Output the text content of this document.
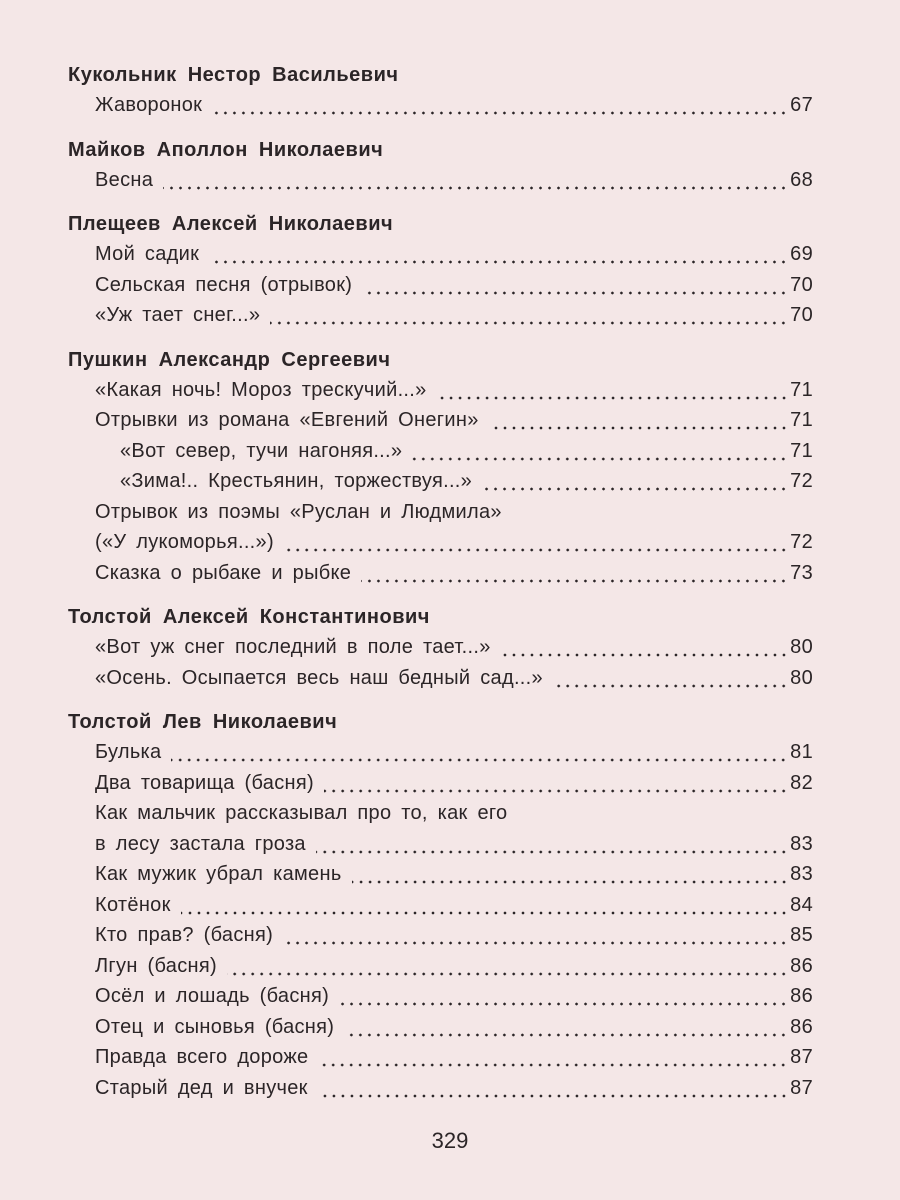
Кукольник Нестор Васильевич
Жаворонок	67
Майков Аполлон Николаевич
Весна	68
Плещеев Алексей Николаевич
Мой садик	69
Сельская песня (отрывок)	70
«Уж тает снег...»	70
Пушкин Александр Сергеевич
«Какая ночь! Мороз трескучий...»	71
Отрывки из романа «Евгений Онегин»	71
«Вот север, тучи нагоняя...»	71
«Зима!.. Крестьянин, торжествуя...»	72
Отрывок из поэмы «Руслан и Людмила»
(«У лукоморья...»)	72
Сказка о рыбаке и рыбке	73
Толстой Алексей Константинович
«Вот уж снег последний в поле тает...»	80
«Осень. Осыпается весь наш бедный сад...»	80
Толстой Лев Николаевич
Булька	81
Два товарища (басня)	82
Как мальчик рассказывал про то, как его
в лесу застала гроза	83
Как мужик убрал камень	83
Котёнок	84
Кто прав? (басня)	85
Лгун (басня)	86
Осёл и лошадь (басня)	86
Отец и сыновья (басня)	86
Правда всего дороже	87
Старый дед и внучек	87
329
